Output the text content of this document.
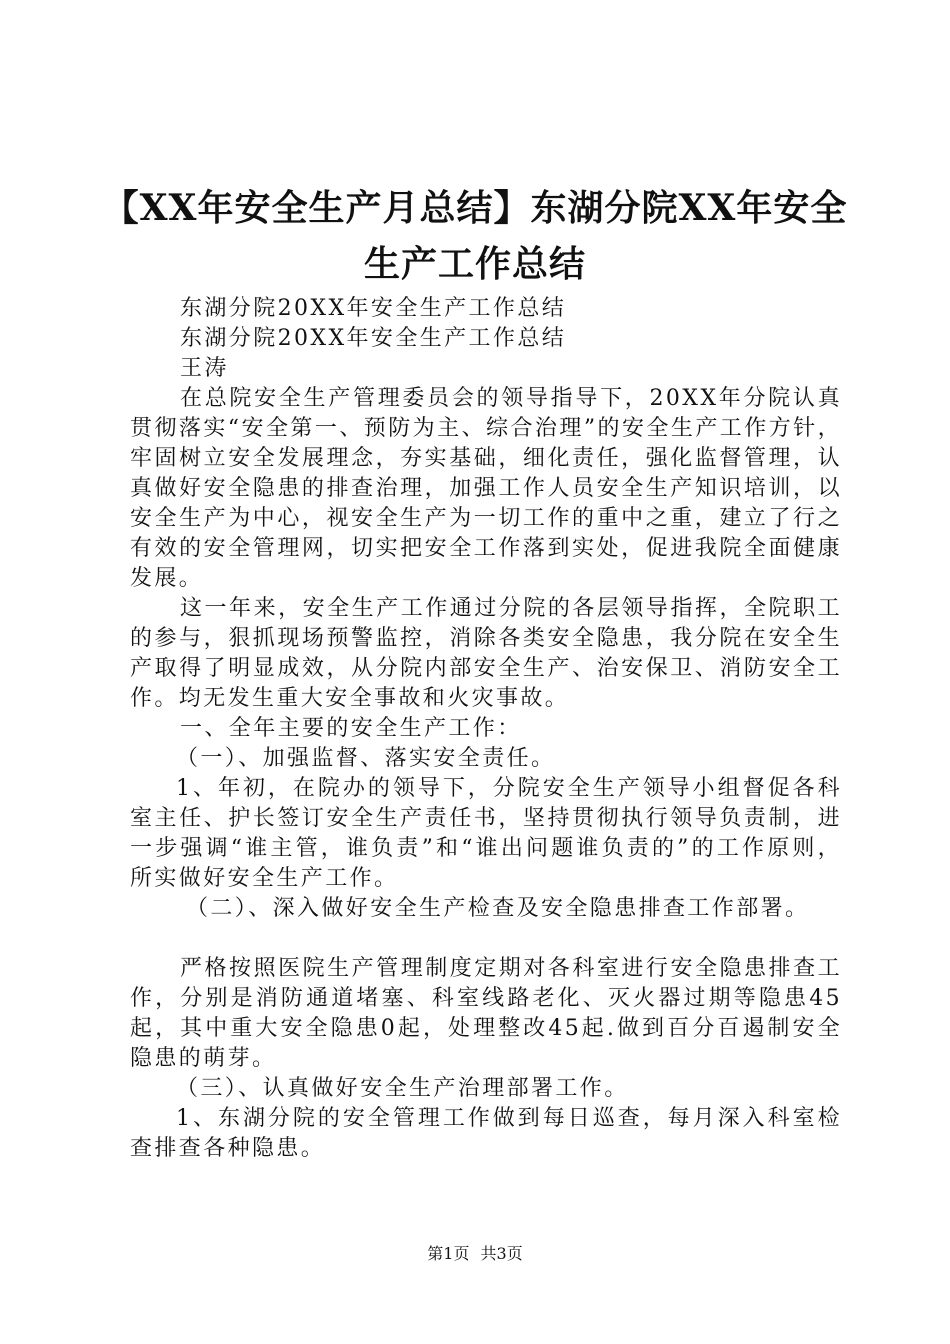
【XX年安全生产月总结】东湖分院XX年安全
生产工作总结

东湖分院20XX年安全生产工作总结

东湖分院20XX年安全生产工作总结

王涛

在总院安全生产管理委员会的领导指导下，20XX年分院认真贯彻落实“安全第一、预防为主、综合治理”的安全生产工作方针，牢固树立安全发展理念，夯实基础，细化责任，强化监督管理，认真做好安全隐患的排查治理，加强工作人员安全生产知识培训，以安全生产为中心，视安全生产为一切工作的重中之重，建立了行之有效的安全管理网，切实把安全工作落到实处，促进我院全面健康发展。

这一年来，安全生产工作通过分院的各层领导指挥，全院职工的参与，狠抓现场预警监控，消除各类安全隐患，我分院在安全生产取得了明显成效，从分院内部安全生产、治安保卫、消防安全工作。均无发生重大安全事故和火灾事故。

一、全年主要的安全生产工作：

（一）、加强监督、落实安全责任。

1、年初，在院办的领导下，分院安全生产领导小组督促各科室主任、护长签订安全生产责任书，坚持贯彻执行领导负责制，进一步强调“谁主管，谁负责”和“谁出问题谁负责的”的工作原则，所实做好安全生产工作。

（二）、深入做好安全生产检查及安全隐患排查工作部署。

严格按照医院生产管理制度定期对各科室进行安全隐患排查工作，分别是消防通道堵塞、科室线路老化、灭火器过期等隐患45起，其中重大安全隐患0起，处理整改45起.做到百分百遏制安全隐患的萌芽。

（三）、认真做好安全生产治理部署工作。

1、东湖分院的安全管理工作做到每日巡查，每月深入科室检查排查各种隐患。

第1页 共3页
